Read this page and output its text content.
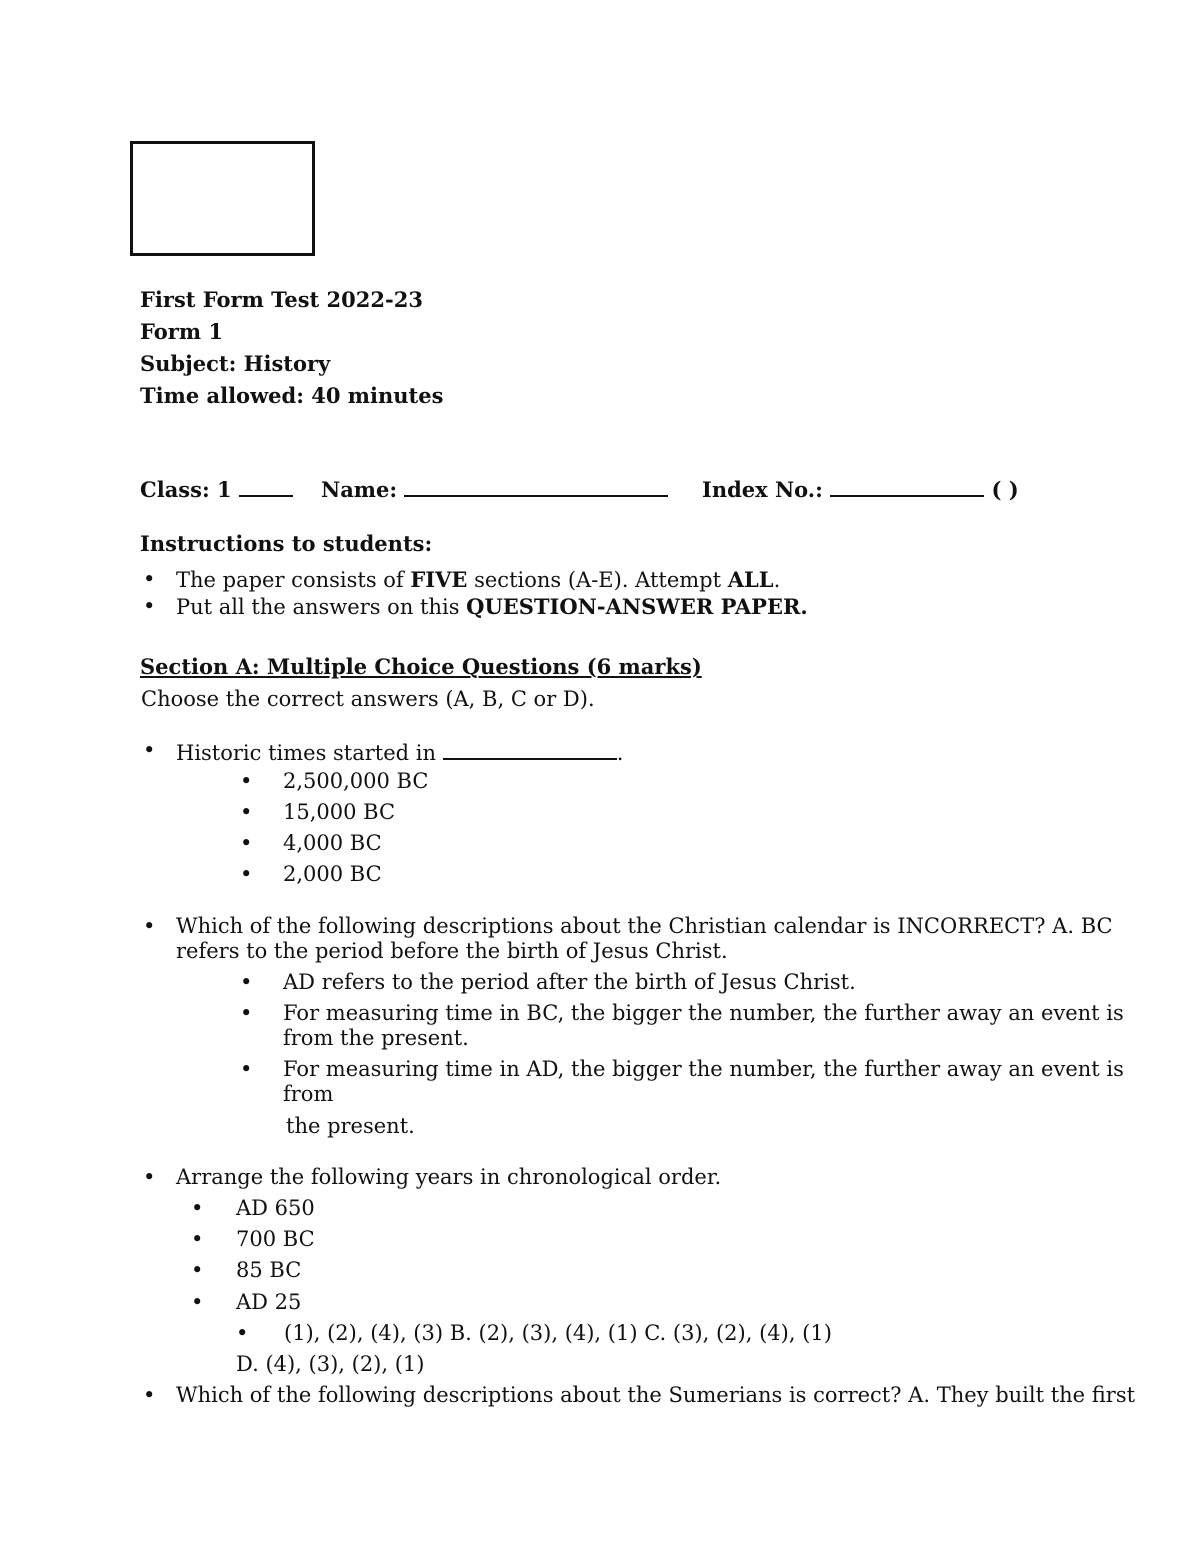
First Form Test 2022-23
Form 1
Subject: History
Time allowed: 40 minutes
Class: 1	Name:	Index No.:	( )
Instructions to students:
• The paper consists of FIVE sections (A-E). Attempt ALL.
• Put all the answers on this QUESTION-ANSWER PAPER.
Section A: Multiple Choice Questions (6 marks)
Choose the correct answers (A, B, C or D).
• Historic times started in	.
• 2,500,000 BC
• 15,000 BC
• 4,000 BC
• 2,000 BC
• Which of the following descriptions about the Christian calendar is INCORRECT? A. BC
refers to the period before the birth of Jesus Christ.
• AD refers to the period after the birth of Jesus Christ.
• For measuring time in BC, the bigger the number, the further away an event is
from the present.
• For measuring time in AD, the bigger the number, the further away an event is
from
the present.
• Arrange the following years in chronological order.
• AD 650
• 700 BC
• 85 BC
• AD 25
• (1), (2), (4), (3) B. (2), (3), (4), (1) C. (3), (2), (4), (1)
D. (4), (3), (2), (1)
• Which of the following descriptions about the Sumerians is correct? A. They built the first
